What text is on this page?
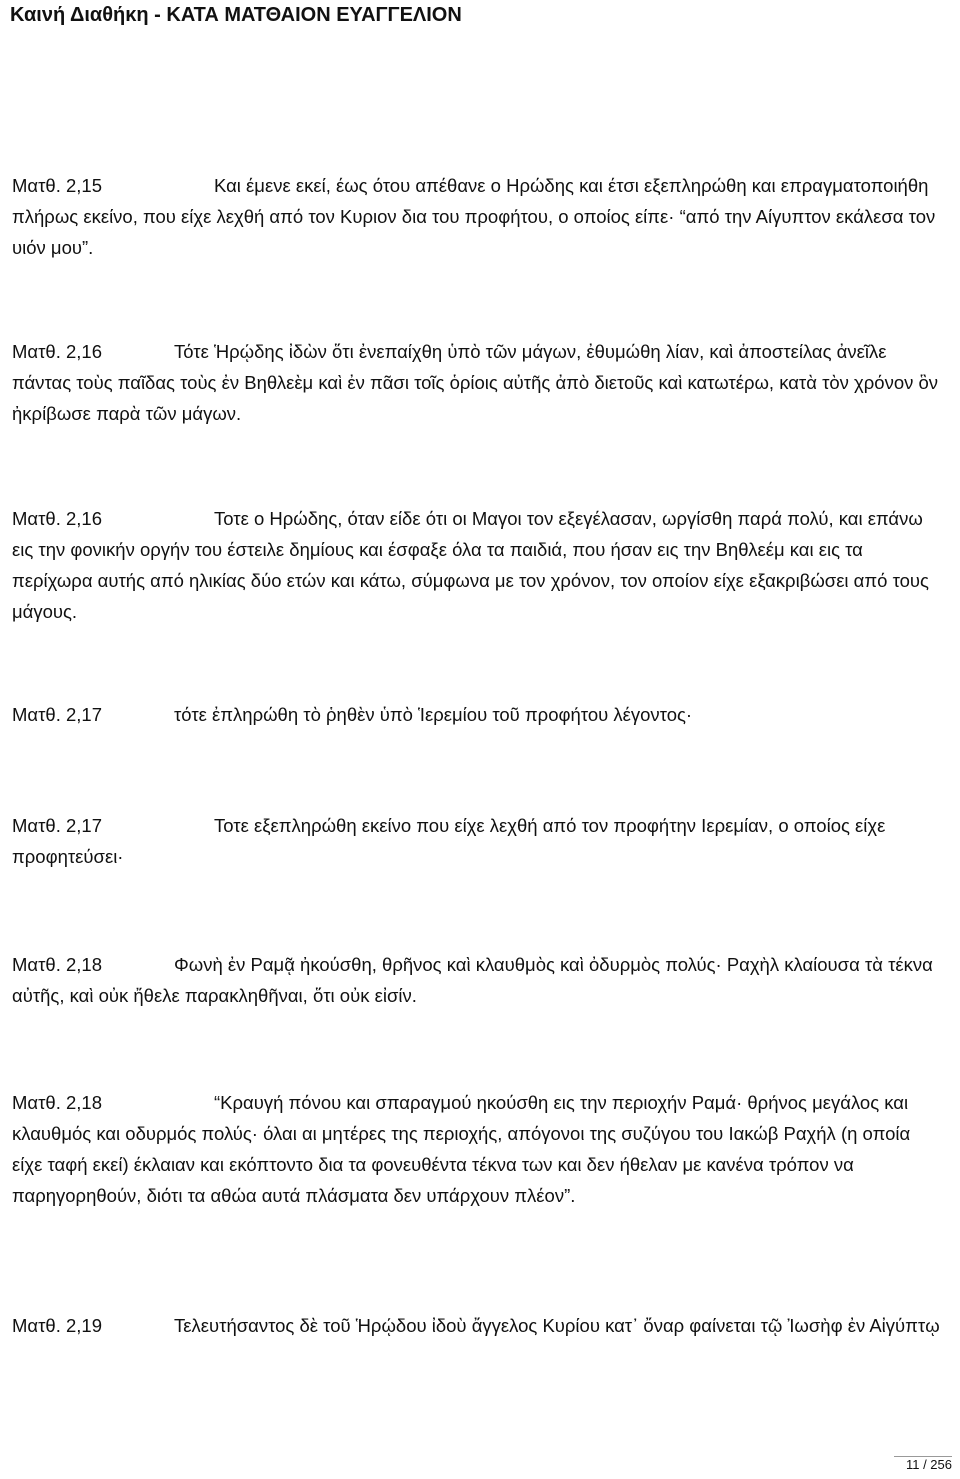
Καινή Διαθήκη - ΚΑΤΑ ΜΑΤΘΑΙΟΝ ΕΥΑΓΓΕΛΙΟΝ

Ματθ. 2,15	Και έμενε εκεί, έως ότου απέθανε ο Ηρώδης και έτσι εξεπληρώθη και επραγματοποιήθη πλήρως εκείνο, που είχε λεχθή από τον Κυριον δια του προφήτου, ο οποίος είπε· “από την Αίγυπτον εκάλεσα τον υιόν μου”.

Ματθ. 2,16	Τότε Ἡρῴδης ἰδὼν ὅτι ἐνεπαίχθη ὑπὸ τῶν μάγων, ἐθυμώθη λίαν, καὶ ἀποστείλας ἀνεῖλε πάντας τοὺς παῖδας τοὺς ἐν Βηθλεὲμ καὶ ἐν πᾶσι τοῖς ὁρίοις αὐτῆς ἀπὸ διετοῦς καὶ κατωτέρω, κατὰ τὸν χρόνον ὃν ἠκρίβωσε παρὰ τῶν μάγων.

Ματθ. 2,16	Τοτε ο Ηρώδης, όταν είδε ότι οι Μαγοι τον εξεγέλασαν, ωργίσθη παρά πολύ, και επάνω εις την φονικήν οργήν του έστειλε δημίους και έσφαξε όλα τα παιδιά, που ήσαν εις την Βηθλεέμ και εις τα περίχωρα αυτής από ηλικίας δύο ετών και κάτω, σύμφωνα με τον χρόνον, τον οποίον είχε εξακριβώσει από τους μάγους.

Ματθ. 2,17	τότε ἐπληρώθη τὸ ῥηθὲν ὑπὸ Ἱερεμίου τοῦ προφήτου λέγοντος·

Ματθ. 2,17	Τοτε εξεπληρώθη εκείνο που είχε λεχθή από τον προφήτην Ιερεμίαν, ο οποίος είχε προφητεύσει·

Ματθ. 2,18	Φωνὴ ἐν Ραμᾷ ἠκούσθη, θρῆνος καὶ κλαυθμὸς καὶ ὀδυρμὸς πολύς· Ραχὴλ κλαίουσα τὰ τέκνα αὐτῆς, καὶ οὐκ ἤθελε παρακληθῆναι, ὅτι οὐκ εἰσίν.

Ματθ. 2,18	“Κραυγή πόνου και σπαραγμού ηκούσθη εις την περιοχήν Ραμά· θρήνος μεγάλος και κλαυθμός και οδυρμός πολύς· όλαι αι μητέρες της περιοχής, απόγονοι της συζύγου του Ιακώβ Ραχήλ (η οποία είχε ταφή εκεί) έκλαιαν και εκόπτοντο δια τα φονευθέντα τέκνα των και δεν ήθελαν με κανένα τρόπον να παρηγορηθούν, διότι τα αθώα αυτά πλάσματα δεν υπάρχουν πλέον”.

Ματθ. 2,19	Τελευτήσαντος δὲ τοῦ Ἡρῴδου ἰδοὺ ἄγγελος Κυρίου κατ᾿ ὄναρ φαίνεται τῷ Ἰωσὴφ ἐν Αἰγύπτῳ

11 / 256
